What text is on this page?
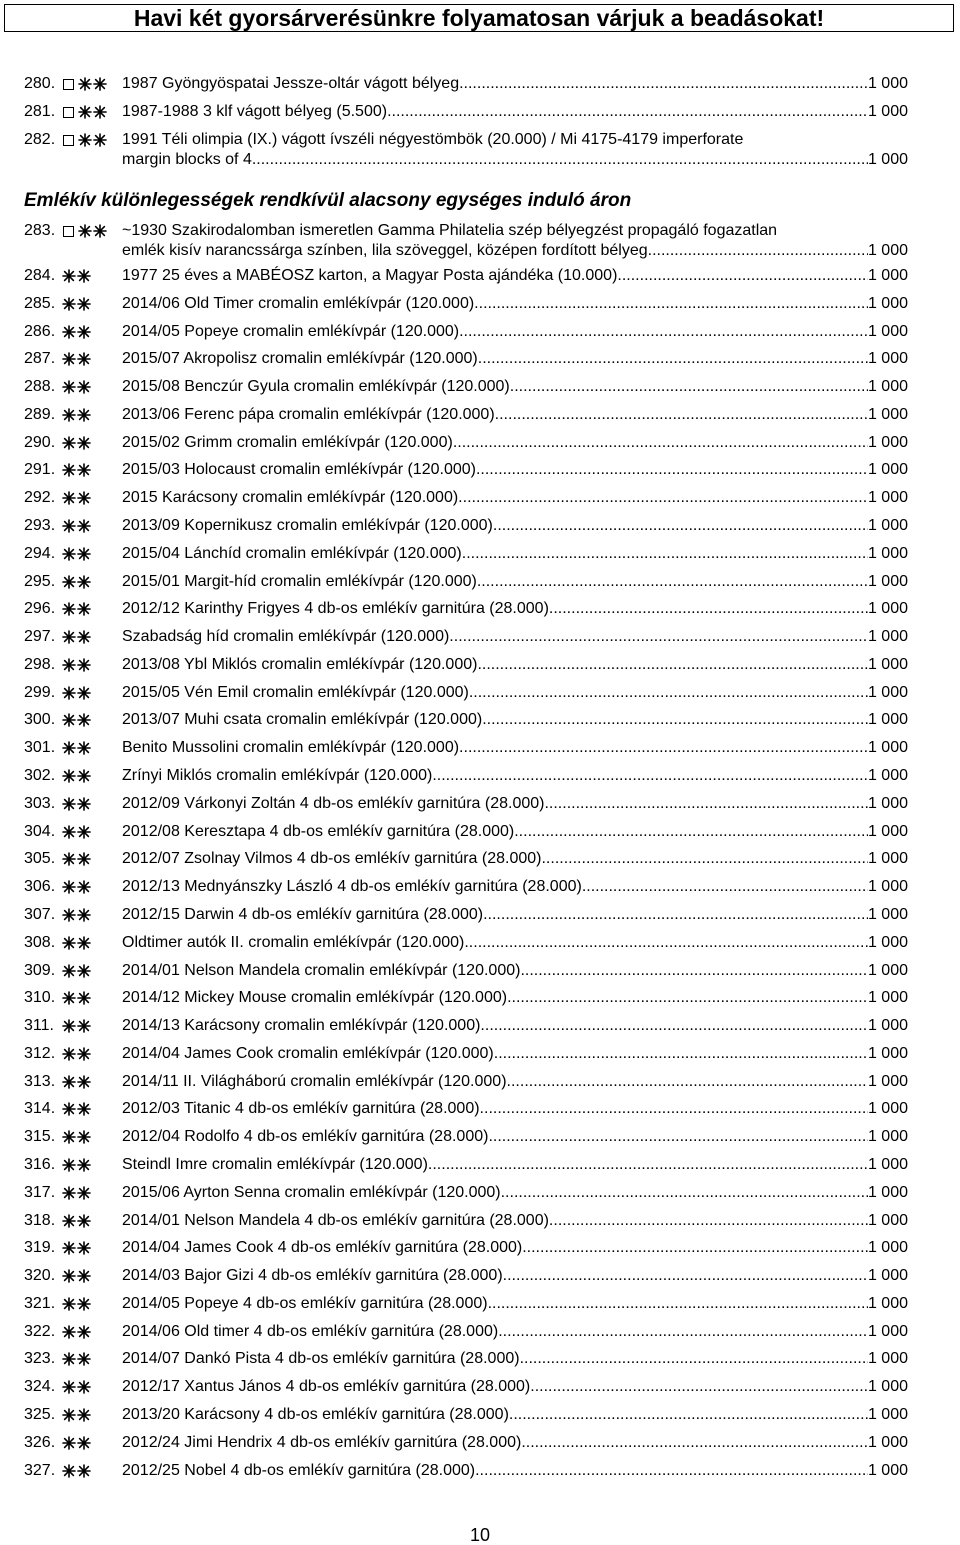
Havi két gyorsárverésünkre folyamatosan várjuk a beadásokat!
280.	1987 Gyöngyöspatai Jessze-oltár vágott bélyeg .....	1 000
281.	1987-1988 3 klf vágott bélyeg (5.500) .....	1 000
282.	1991 Téli olimpia (IX.) vágott ívszéli négyestömbök (20.000) / Mi 4175-4179 imperforate
margin blocks of 4. .....	1 000
Emlékív különlegességek rendkívül alacsony egységes induló áron
283.	~1930 Szakirodalomban ismeretlen Gamma Philatelia szép bélyegzést propagáló fogazatlan
emlék kisív narancssárga színben, lila szöveggel, középen fordított bélyeg .....	1 000
284.	1977 25 éves a MABÉOSZ karton, a Magyar Posta ajándéka (10.000) .....	1 000
285.	2014/06 Old Timer cromalin emlékívpár (120.000) .....	1 000
286.	2014/05 Popeye cromalin emlékívpár (120.000) .....	1 000
287.	2015/07 Akropolisz cromalin emlékívpár (120.000) .....	1 000
288.	2015/08 Benczúr Gyula cromalin emlékívpár (120.000) .....	1 000
289.	2013/06 Ferenc pápa cromalin emlékívpár (120.000) .....	1 000
290.	2015/02 Grimm cromalin emlékívpár (120.000) .....	1 000
291.	2015/03 Holocaust cromalin emlékívpár (120.000) .....	1 000
292.	2015 Karácsony cromalin emlékívpár (120.000) .....	1 000
293.	2013/09 Kopernikusz cromalin emlékívpár (120.000) .....	1 000
294.	2015/04 Lánchíd cromalin emlékívpár (120.000) .....	1 000
295.	2015/01 Margit-híd cromalin emlékívpár (120.000) .....	1 000
296.	2012/12 Karinthy Frigyes 4 db-os emlékív garnitúra (28.000) .....	1 000
297.	Szabadság híd cromalin emlékívpár (120.000) .....	1 000
298.	2013/08 Ybl Miklós cromalin emlékívpár (120.000) .....	1 000
299.	2015/05 Vén Emil cromalin emlékívpár (120.000) .....	1 000
300.	2013/07 Muhi csata cromalin emlékívpár (120.000) .....	1 000
301.	Benito Mussolini cromalin emlékívpár (120.000) .....	1 000
302.	Zrínyi Miklós cromalin emlékívpár (120.000) .....	1 000
303.	2012/09 Várkonyi Zoltán 4 db-os emlékív garnitúra (28.000) .....	1 000
304.	2012/08 Keresztapa 4 db-os emlékív garnitúra (28.000) .....	1 000
305.	2012/07 Zsolnay Vilmos 4 db-os emlékív garnitúra (28.000) .....	1 000
306.	2012/13 Mednyánszky László 4 db-os emlékív garnitúra (28.000) .....	1 000
307.	2012/15 Darwin 4 db-os emlékív garnitúra (28.000) .....	1 000
308.	Oldtimer autók II. cromalin emlékívpár (120.000) .....	1 000
309.	2014/01 Nelson Mandela cromalin emlékívpár (120.000) .....	1 000
310.	2014/12 Mickey Mouse cromalin emlékívpár (120.000) .....	1 000
311.	2014/13 Karácsony cromalin emlékívpár (120.000) .....	1 000
312.	2014/04 James Cook cromalin emlékívpár (120.000) .....	1 000
313.	2014/11 II. Világháború cromalin emlékívpár (120.000) .....	1 000
314.	2012/03 Titanic 4 db-os emlékív garnitúra (28.000) .....	1 000
315.	2012/04 Rodolfo 4 db-os emlékív garnitúra (28.000) .....	1 000
316.	Steindl Imre cromalin emlékívpár (120.000) .....	1 000
317.	2015/06 Ayrton Senna cromalin emlékívpár (120.000) .....	1 000
318.	2014/01 Nelson Mandela 4 db-os emlékív garnitúra (28.000) .....	1 000
319.	2014/04 James Cook 4 db-os emlékív garnitúra (28.000) .....	1 000
320.	2014/03 Bajor Gizi 4 db-os emlékív garnitúra (28.000) .....	1 000
321.	2014/05 Popeye 4 db-os emlékív garnitúra (28.000) .....	1 000
322.	2014/06 Old timer 4 db-os emlékív garnitúra (28.000) .....	1 000
323.	2014/07 Dankó Pista 4 db-os emlékív garnitúra (28.000) .....	1 000
324.	2012/17 Xantus János 4 db-os emlékív garnitúra (28.000) .....	1 000
325.	2013/20 Karácsony 4 db-os emlékív garnitúra (28.000) .....	1 000
326.	2012/24 Jimi Hendrix 4 db-os emlékív garnitúra (28.000) .....	1 000
327.	2012/25 Nobel 4 db-os emlékív garnitúra (28.000) .....	1 000
10
